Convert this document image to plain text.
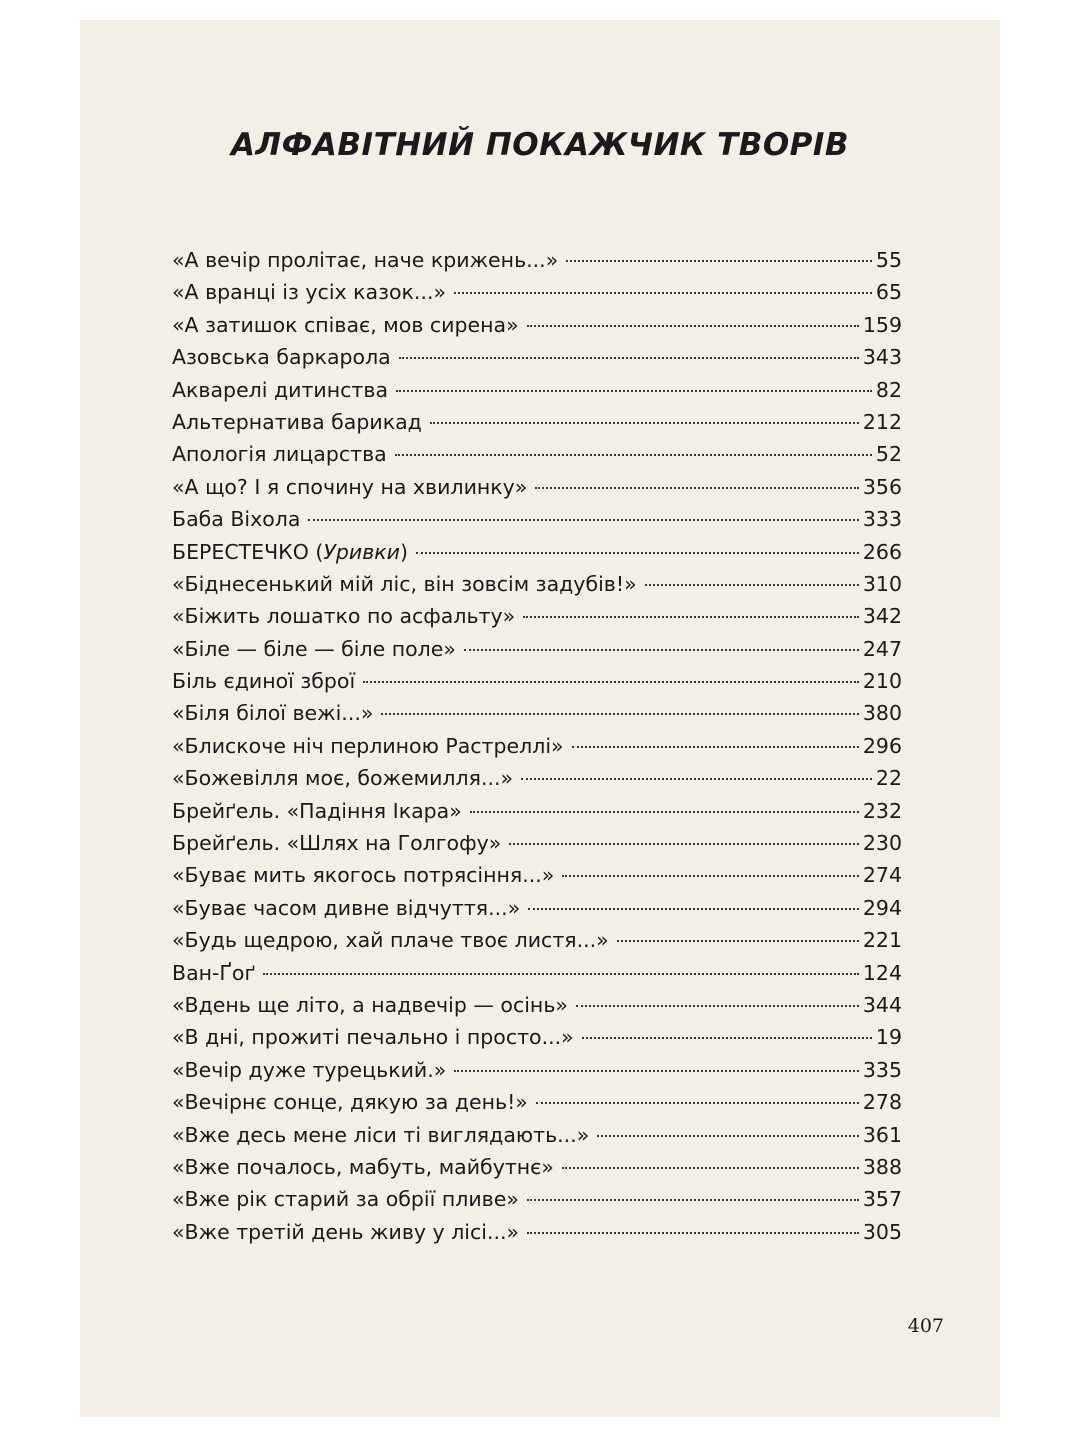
АЛФАВІТНИЙ ПОКАЖЧИК ТВОРІВ
«А вечір пролітає, наче крижень...»	55
«А вранці із усіх казок...»	65
«А затишок співає, мов сирена»	159
Азовська баркарола	343
Акварелі дитинства	82
Альтернатива барикад	212
Апологія лицарства	52
«А що? І я спочину на хвилинку»	356
Баба Віхола	333
БЕРЕСТЕЧКО (Уривки)	266
«Біднесенький мій ліс, він зовсім задубів!»	310
«Біжить лошатко по асфальту»	342
«Біле — біле — біле поле»	247
Біль єдиної зброї	210
«Біля білої вежі...»	380
«Блискоче ніч перлиною Растреллі»	296
«Божевілля моє, божемилля...»	22
Брейґель. «Падіння Ікара»	232
Брейґель. «Шлях на Голгофу»	230
«Буває мить якогось потрясіння...»	274
«Буває часом дивне відчуття...»	294
«Будь щедрою, хай плаче твоє листя...»	221
Ван-Ґоґ	124
«Вдень ще літо, а надвечір — осінь»	344
«В дні, прожиті печально і просто...»	19
«Вечір дуже турецький.»	335
«Вечірнє сонце, дякую за день!»	278
«Вже десь мене ліси ті виглядають...»	361
«Вже почалось, мабуть, майбутнє»	388
«Вже рік старий за обрії пливе»	357
«Вже третій день живу у лісі...»	305
407
